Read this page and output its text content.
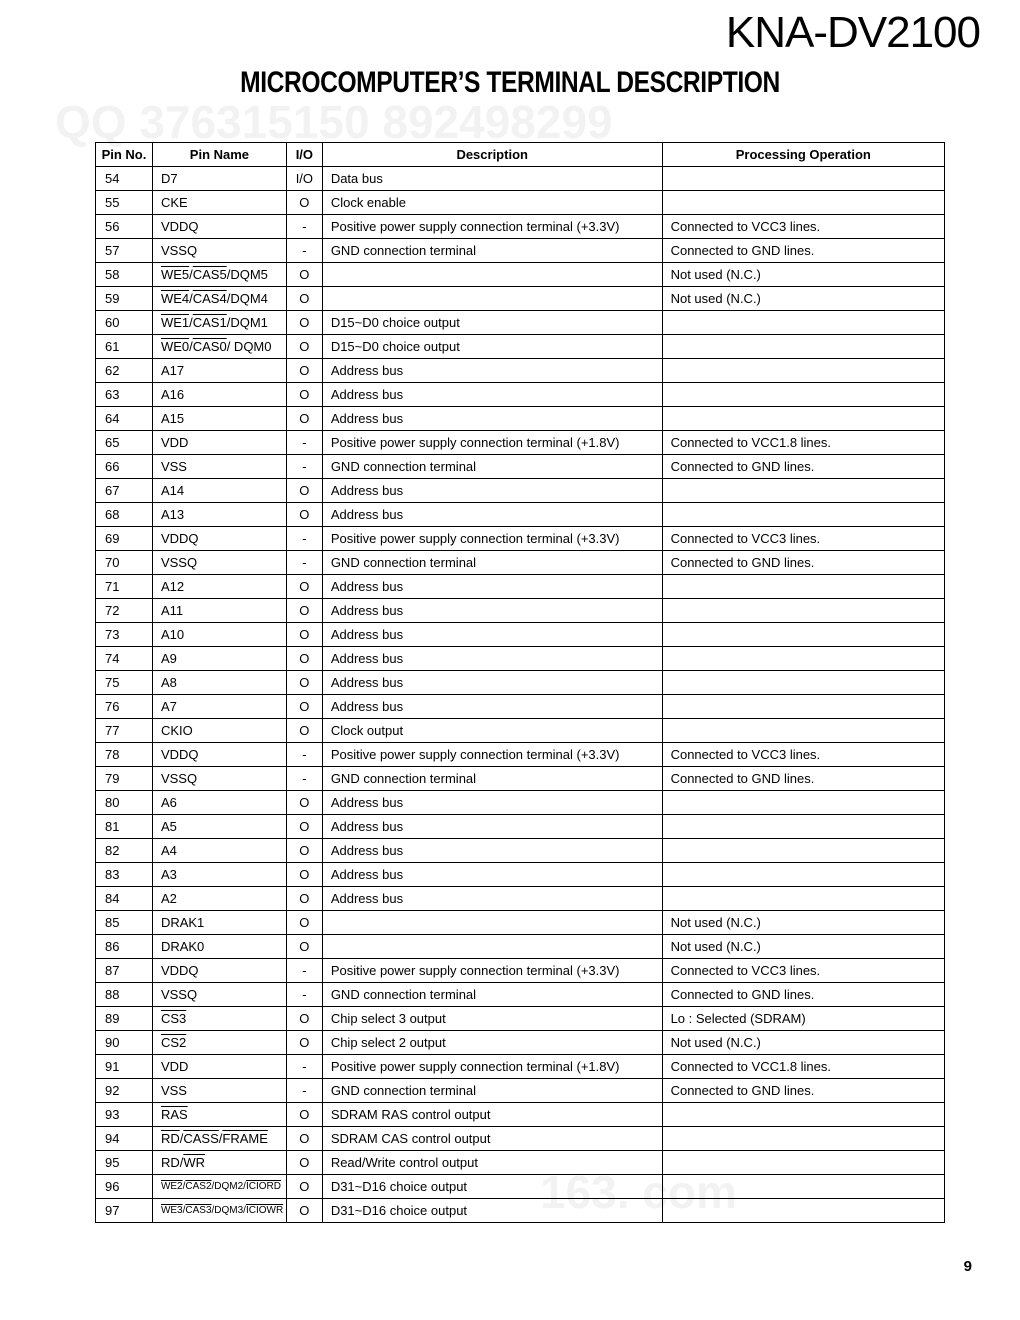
QQ 376315150 892498299
163. com
KNA-DV2100
MICROCOMPUTER’S TERMINAL DESCRIPTION
Pin No.	Pin Name	I/O	Description	Processing Operation
54	D7	I/O	Data bus	
55	CKE	O	Clock enable	
56	VDDQ	-	Positive power supply connection terminal (+3.3V)	Connected to VCC3 lines.
57	VSSQ	-	GND connection terminal	Connected to GND lines.
58	WE5/CAS5/DQM5	O		Not used (N.C.)
59	WE4/CAS4/DQM4	O		Not used (N.C.)
60	WE1/CAS1/DQM1	O	D15~D0 choice output	
61	WE0/CAS0/ DQM0	O	D15~D0 choice output	
62	A17	O	Address bus	
63	A16	O	Address bus	
64	A15	O	Address bus	
65	VDD	-	Positive power supply connection terminal (+1.8V)	Connected to VCC1.8 lines.
66	VSS	-	GND connection terminal	Connected to GND lines.
67	A14	O	Address bus	
68	A13	O	Address bus	
69	VDDQ	-	Positive power supply connection terminal (+3.3V)	Connected to VCC3 lines.
70	VSSQ	-	GND connection terminal	Connected to GND lines.
71	A12	O	Address bus	
72	A11	O	Address bus	
73	A10	O	Address bus	
74	A9	O	Address bus	
75	A8	O	Address bus	
76	A7	O	Address bus	
77	CKIO	O	Clock output	
78	VDDQ	-	Positive power supply connection terminal (+3.3V)	Connected to VCC3 lines.
79	VSSQ	-	GND connection terminal	Connected to GND lines.
80	A6	O	Address bus	
81	A5	O	Address bus	
82	A4	O	Address bus	
83	A3	O	Address bus	
84	A2	O	Address bus	
85	DRAK1	O		Not used (N.C.)
86	DRAK0	O		Not used (N.C.)
87	VDDQ	-	Positive power supply connection terminal (+3.3V)	Connected to VCC3 lines.
88	VSSQ	-	GND connection terminal	Connected to GND lines.
89	CS3	O	Chip select 3 output	Lo : Selected (SDRAM)
90	CS2	O	Chip select 2 output	Not used (N.C.)
91	VDD	-	Positive power supply connection terminal (+1.8V)	Connected to VCC1.8 lines.
92	VSS	-	GND connection terminal	Connected to GND lines.
93	$\overline{RAS}$	O	SDRAM RAS control output	
94	$\overline{RD}/CASS$/FRAME	O	SDRAM CAS control output	
95	$RD/\overline{WR}$	O	Read/Write control output	
96	WE2/CAS2/DQM2/ICIORD	O	D31~D16 choice output	
97	WE3/CAS3/DQM3/ICIOWR	O	D31~D16 choice output	
9
